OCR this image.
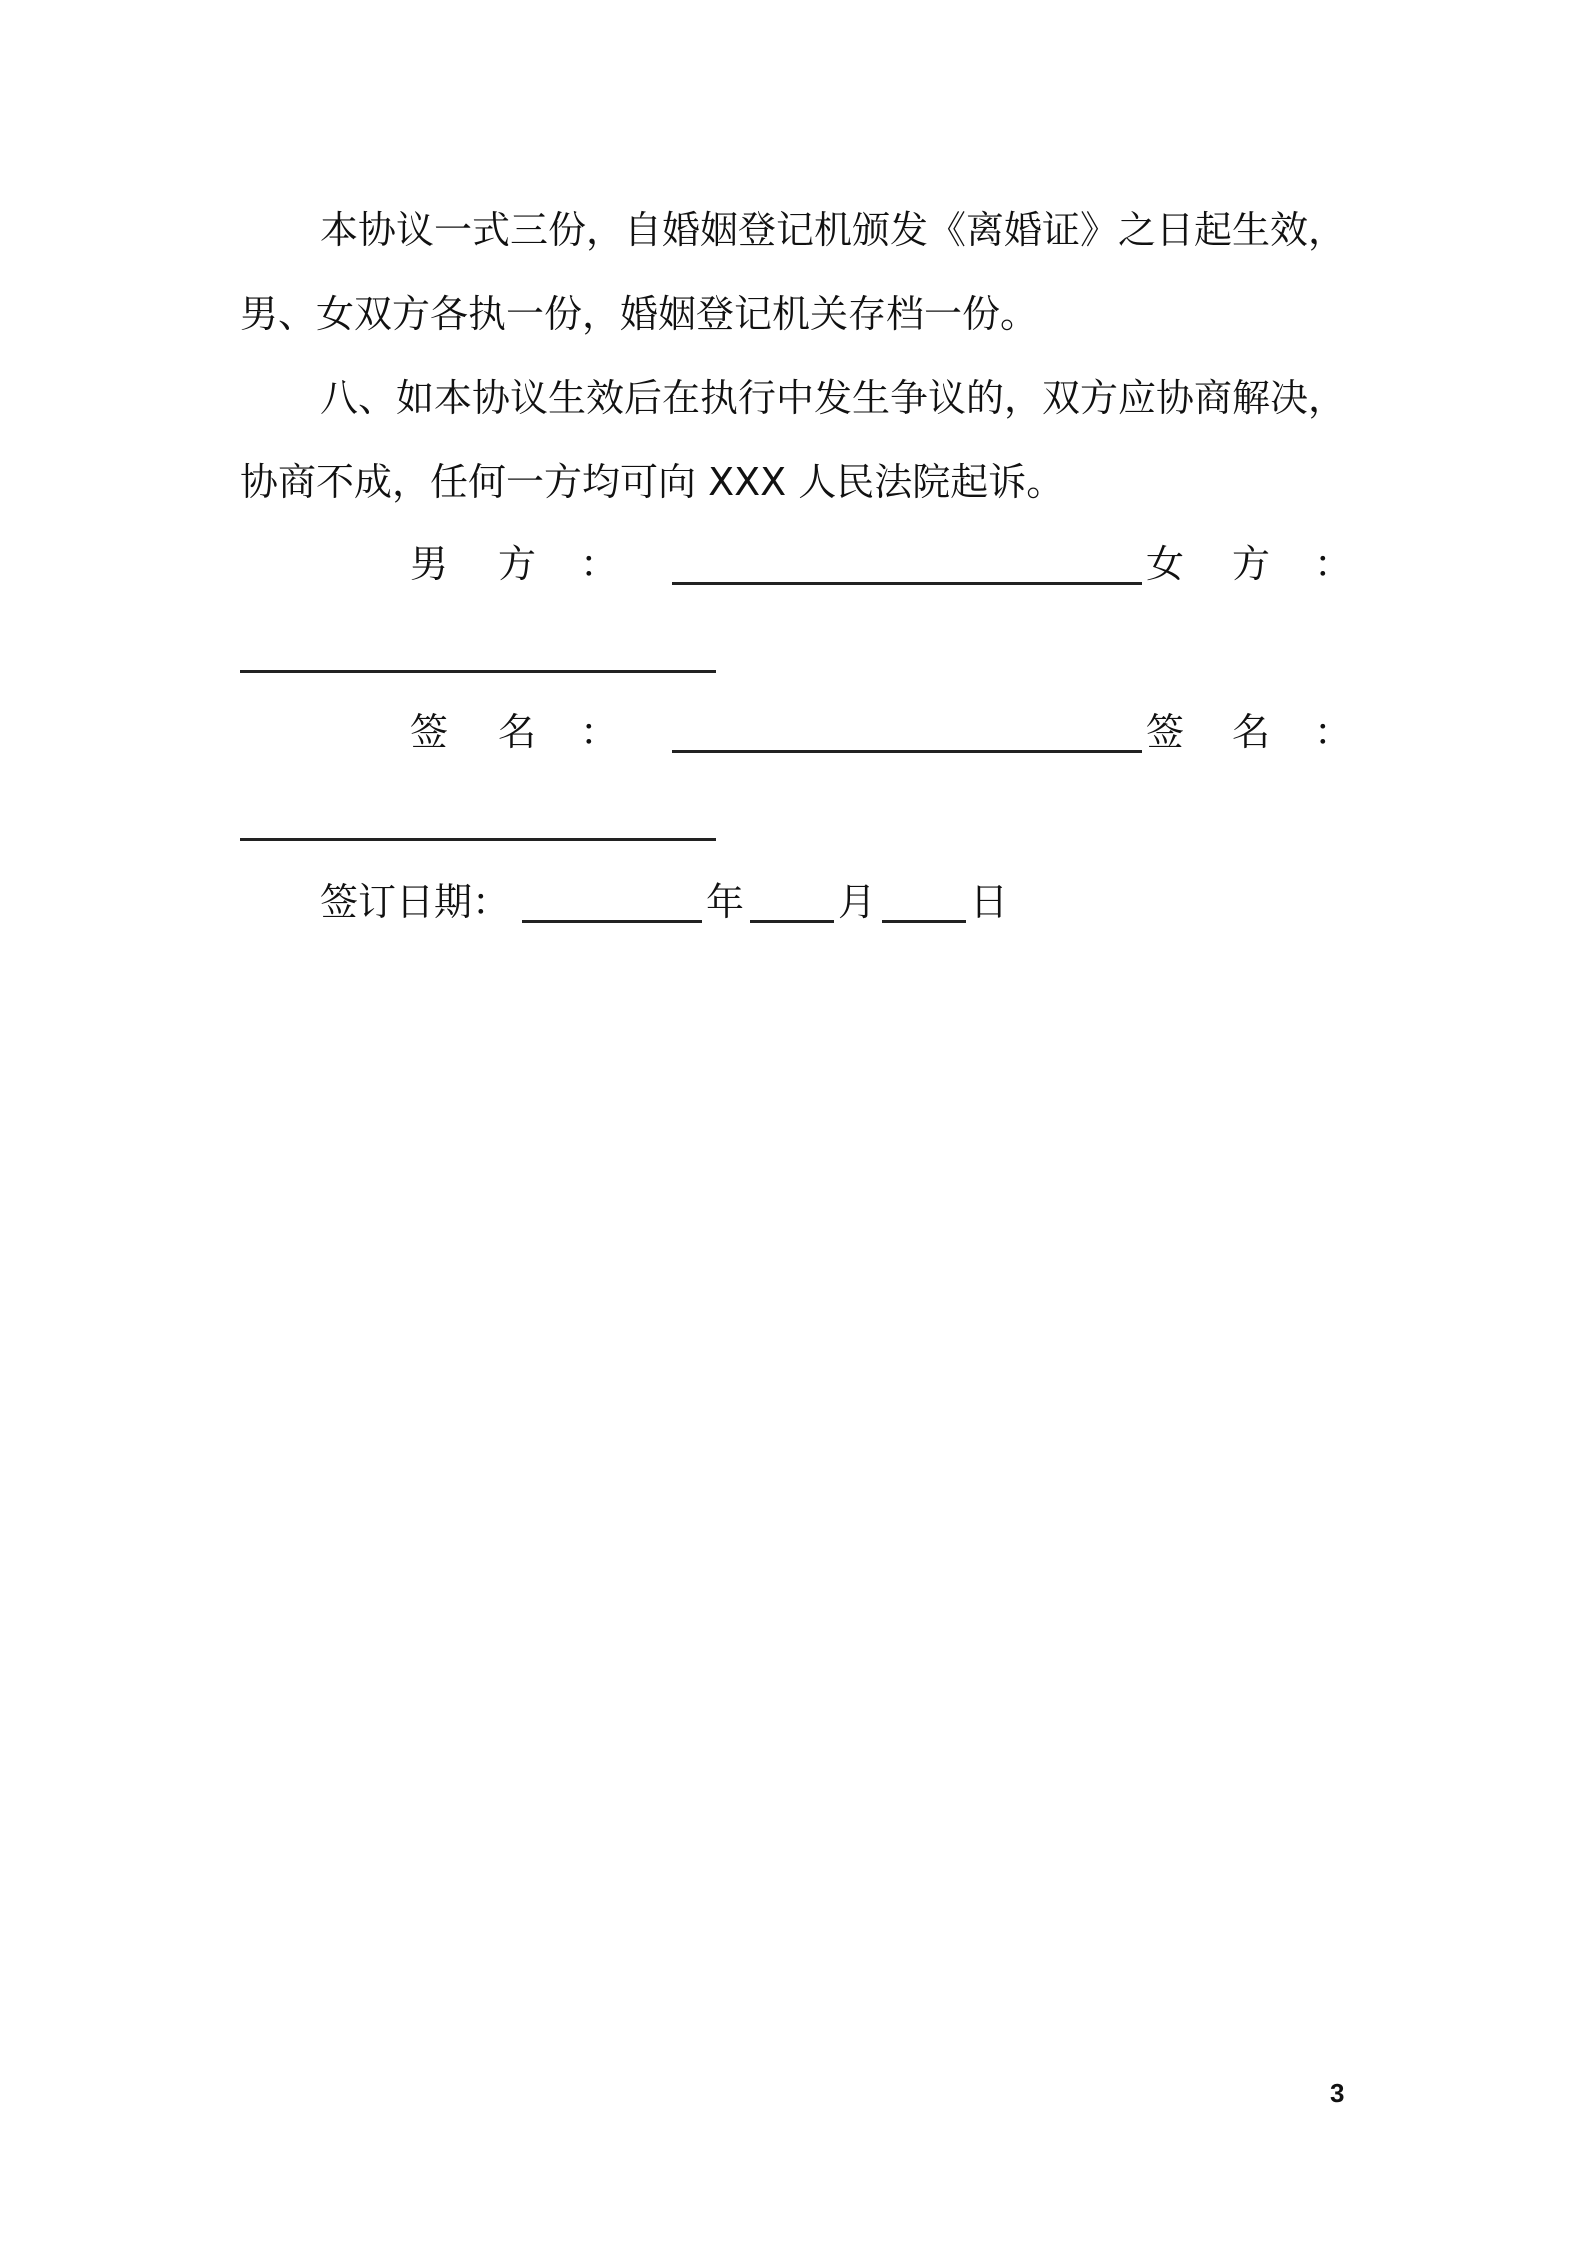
本协议一式三份，自婚姻登记机颁发《离婚证》之日起生效，
男、女双方各执一份，婚姻登记机关存档一份。
八、如本协议生效后在执行中发生争议的，双方应协商解决，
协商不成，任何一方均可向 XXX 人民法院起诉。
男 方 ：	女 方 ：
签 名 ：	签 名 ：
签订日期：	年 月 日
3
